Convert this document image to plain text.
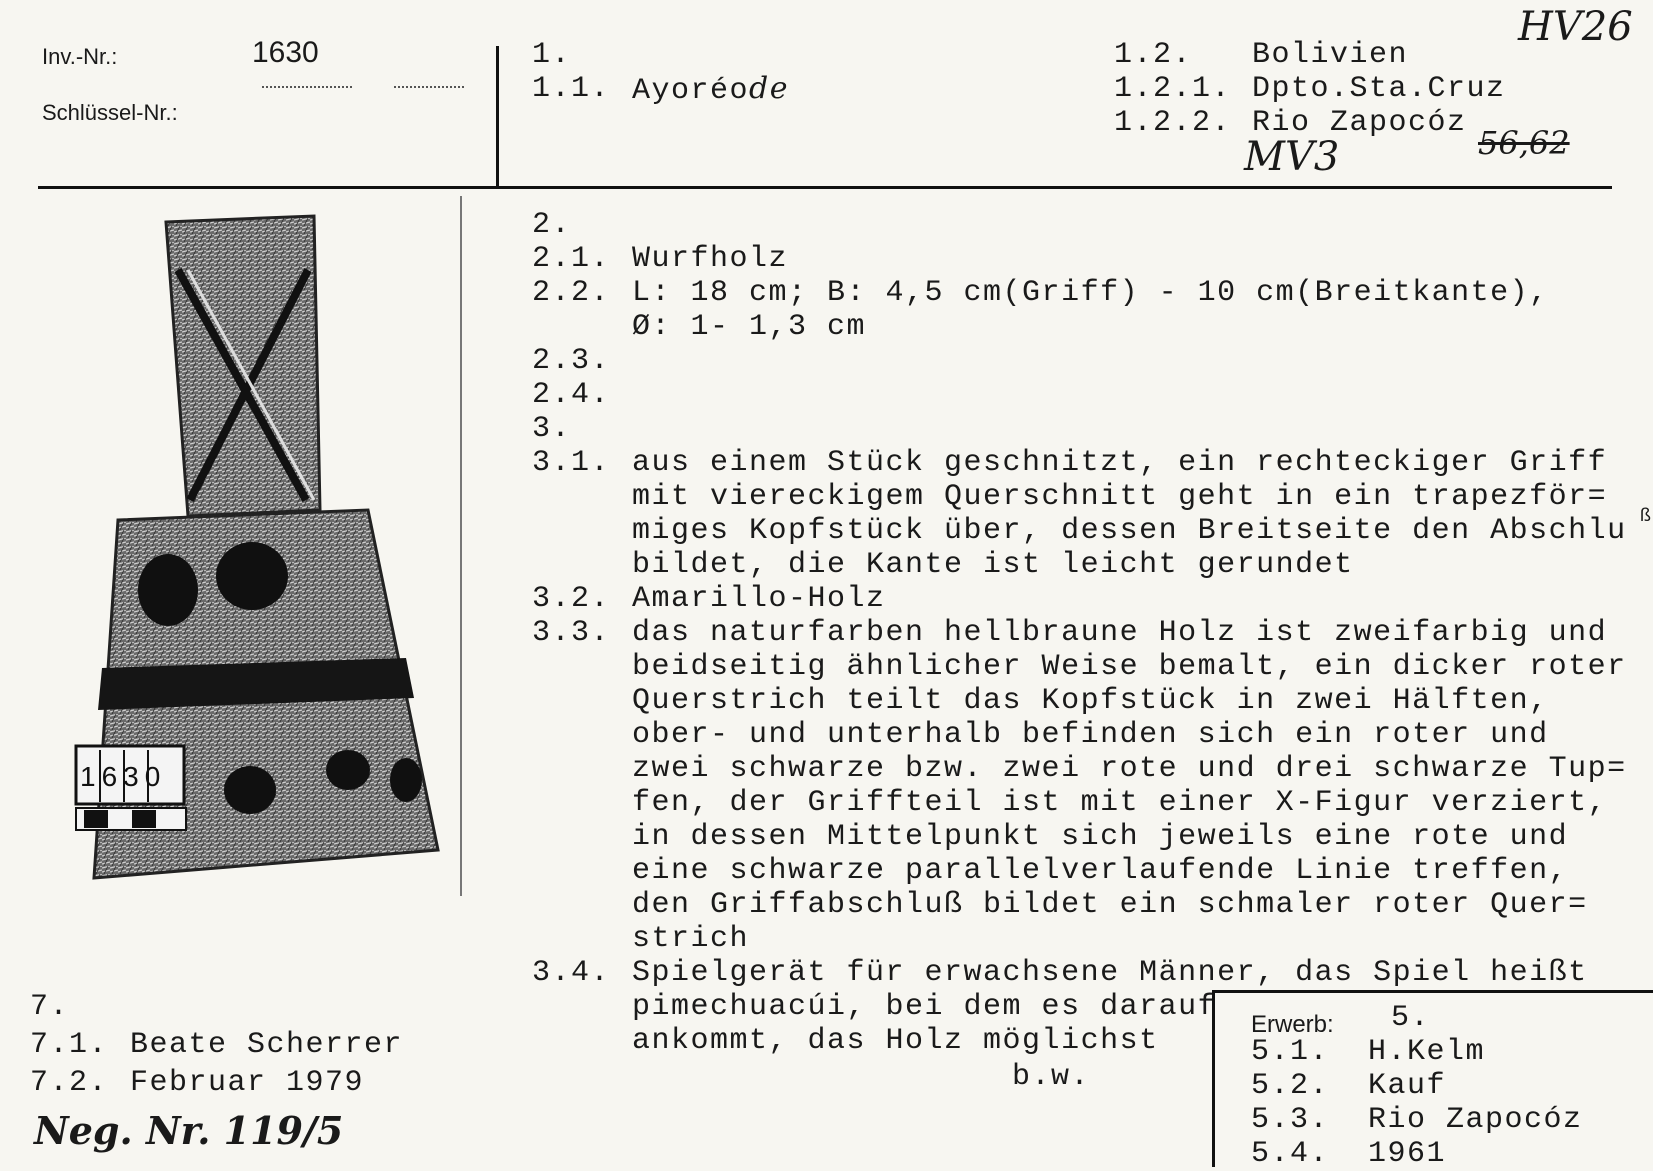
Inv.-Nr.:	1630
Schlüssel-Nr.:
1.
1.1. Ayoréode
1.2. Bolivien
1.2.1. Dpto.Sta.Cruz
1.2.2. Rio Zapocóz
HV26
MV3	56,62
1630
2.
2.1. Wurfholz
2.2. L: 18 cm; B: 4,5 cm(Griff) - 10 cm(Breitkante),
Ø: 1- 1,3 cm
2.3.
2.4.
3.
3.1. aus einem Stück geschnitzt, ein rechteckiger Griff
mit viereckigem Querschnitt geht in ein trapezför=
miges Kopfstück über, dessen Breitseite den Abschlu
bildet, die Kante ist leicht gerundet
3.2. Amarillo-Holz
3.3. das naturfarben hellbraune Holz ist zweifarbig und
beidseitig ähnlicher Weise bemalt, ein dicker roter
Querstrich teilt das Kopfstück in zwei Hälften,
ober- und unterhalb befinden sich ein roter und
zwei schwarze bzw. zwei rote und drei schwarze Tup=
fen, der Griffteil ist mit einer X-Figur verziert,
in dessen Mittelpunkt sich jeweils eine rote und
eine schwarze parallelverlaufende Linie treffen,
den Griffabschluß bildet ein schmaler roter Quer=
strich
3.4. Spielgerät für erwachsene Männer, das Spiel heißt
pimechuacúi, bei dem es darauf
ankommt, das Holz möglichst
b.w.
ß
7.
7.1. Beate Scherrer
7.2. Februar 1979
Neg. Nr. 119/5
Erwerb: 5.
5.1. H.Kelm
5.2. Kauf
5.3. Rio Zapocóz
5.4. 1961
